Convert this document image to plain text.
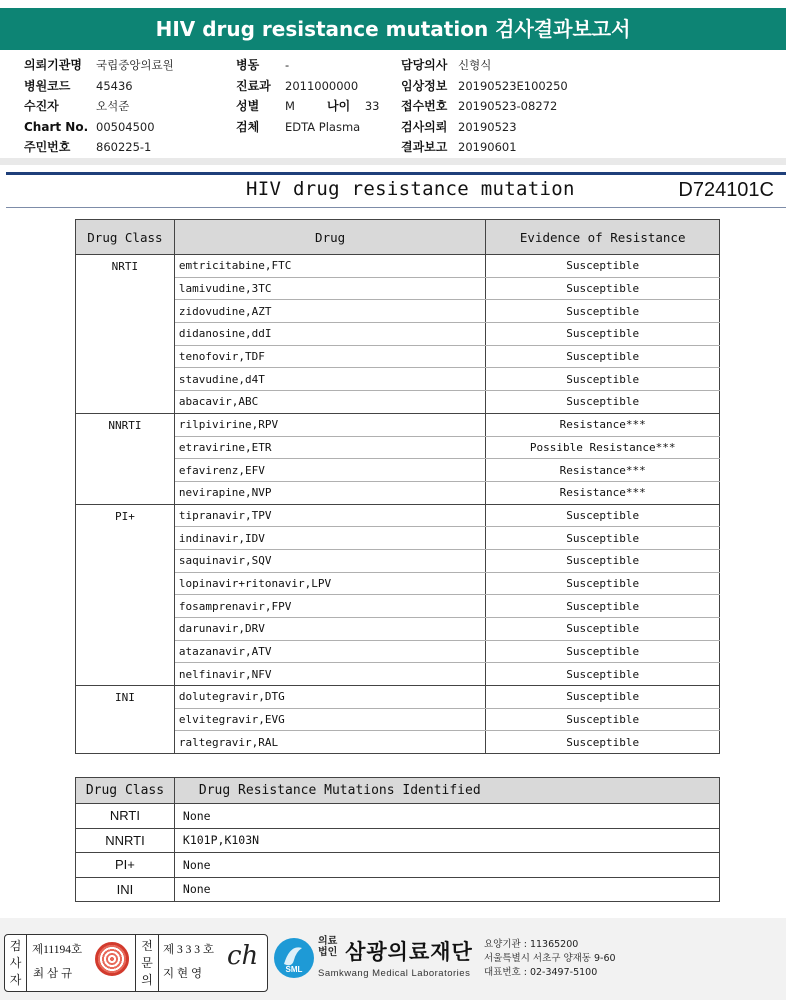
HIV drug resistance mutation 검사결과보고서
의뢰기관명 국립중앙의료원
병원코드 45436
수진자	오석준
Chart No. 00504500
주민번호 860225-1
병동 -
진료과 2011000000
성별 M
검체 EDTA Plasma
담당의사 신형식
임상정보 20190523E100250
접수번호 20190523-08272
검사의뢰 20190523
결과보고 20190601
나이 33
HIV drug resistance mutation	D724101C
Drug Class	Drug	Evidence of Resistance
NRTI	emtricitabine,FTC	Susceptible
	lamivudine,3TC	Susceptible
	zidovudine,AZT	Susceptible
	didanosine,ddI	Susceptible
	tenofovir,TDF	Susceptible
	stavudine,d4T	Susceptible
	abacavir,ABC	Susceptible
NNRTI	rilpivirine,RPV	Resistance***
	etravirine,ETR	Possible Resistance***
	efavirenz,EFV	Resistance***
	nevirapine,NVP	Resistance***
PI+	tipranavir,TPV	Susceptible
	indinavir,IDV	Susceptible
	saquinavir,SQV	Susceptible
	lopinavir+ritonavir,LPV	Susceptible
	fosamprenavir,FPV	Susceptible
	darunavir,DRV	Susceptible
	atazanavir,ATV	Susceptible
	nelfinavir,NFV	Susceptible
INI	dolutegravir,DTG	Susceptible
	elvitegravir,EVG	Susceptible
	raltegravir,RAL	Susceptible
Drug Class	Drug Resistance Mutations Identified
NRTI	None
NNRTI	K101P,K103N
PI+	None
INI	None
검
사
자
제11194호
최 삼 규
전
문
의
제 3 3 3 호
지 현 영
ch	SML
의료법인 삼광의료재단
Samkwang Medical Laboratories
요양기관 : 11365200
서울특별시 서초구 양재동 9-60
대표번호 : 02-3497-5100
